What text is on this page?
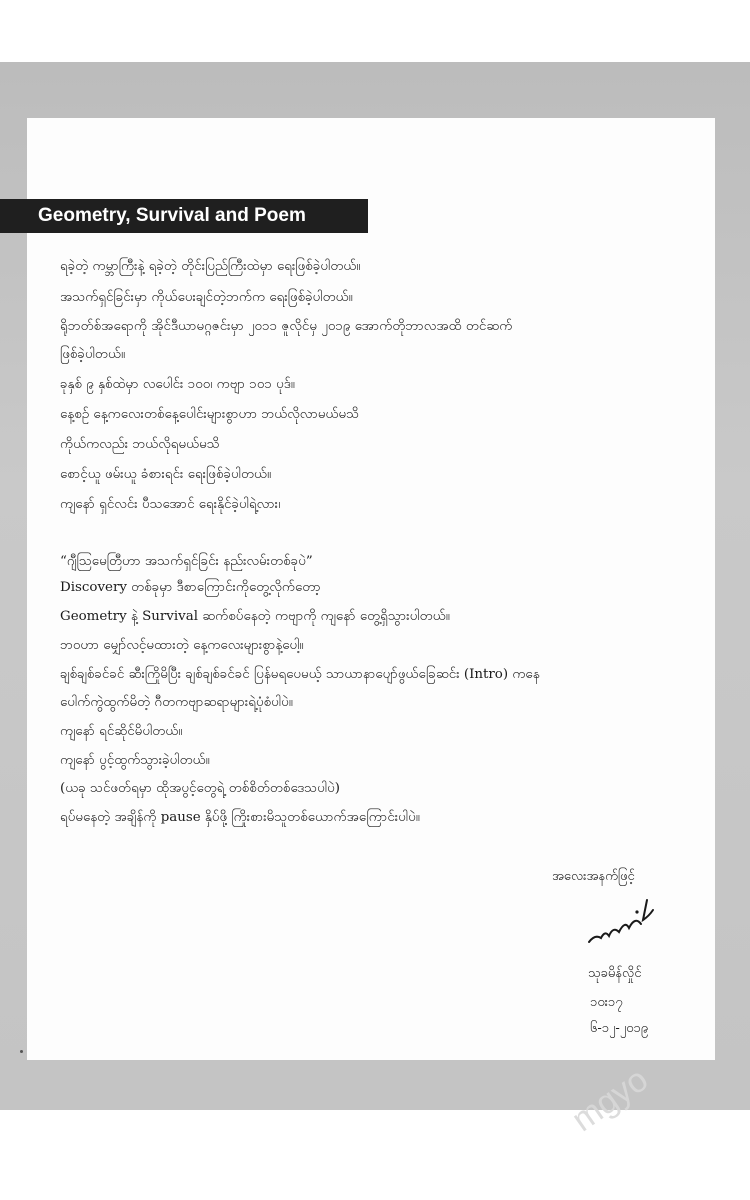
Geometry, Survival and Poem
ရခဲ့တဲ့ ကမ္ဘာကြီးနဲ့ ရခဲ့တဲ့ တိုင်းပြည်ကြီးထဲမှာ ရေးဖြစ်ခဲ့ပါတယ်။
အသက်ရှင်ခြင်းမှာ ကိုယ်ပေးချင်တဲ့ဘက်က ရေးဖြစ်ခဲ့ပါတယ်။
ရိုဘတ်စ်အရောကို အိုင်ဒီယာမဂ္ဂဇင်းမှာ ၂၀၁၁ ဇူလိုင်မှ ၂၀၁၉ အောက်တိုဘာလအထိ တင်ဆက်
ဖြစ်ခဲ့ပါတယ်။
ခုနှစ် ၉ နှစ်ထဲမှာ လပေါင်း ၁၀၀၊ ကဗျာ ၁၀၁ ပုဒ်။
နေ့စဉ် နေ့ကလေးတစ်နေ့ပေါင်းများစွာဟာ ဘယ်လိုလာမယ်မသိ
ကိုယ်ကလည်း ဘယ်လိုရမယ်မသိ
စောင့်ယူ ဖမ်းယူ ခံစားရင်း ရေးဖြစ်ခဲ့ပါတယ်။
ကျနော် ရှင်လင်း ပီသအောင် ရေးနိုင်ခဲ့ပါရဲ့လား၊
“ဂျီသြမေတြီဟာ အသက်ရှင်ခြင်း နည်းလမ်းတစ်ခုပဲ”
Discovery တစ်ခုမှာ ဒီစာကြောင်းကိုတွေ့လိုက်တော့
Geometry နဲ့ Survival ဆက်စပ်နေတဲ့ ကဗျာကို ကျနော် တွေ့ရှိသွားပါတယ်။
ဘဝဟာ မျှော်လင့်မထားတဲ့ နေ့ကလေးများစွာနဲ့ပေါ့။
ချစ်ချစ်ခင်ခင် ဆီးကြိုမိပြီး ချစ်ချစ်ခင်ခင် ပြန်မရပေမယ့် သာယာနာပျော်ဖွယ်ခြေဆင်း (Intro) ကနေ
ပေါက်ကွဲထွက်မိတဲ့ ဂီတကဗျာဆရာများရဲ့ပုံစံပါပဲ။
ကျနော် ရင်ဆိုင်မိပါတယ်။
ကျနော် ပွင့်ထွက်သွားခဲ့ပါတယ်။
(ယခု သင်ဖတ်ရမှာ ထိုအပွင့်တွေရဲ့ တစ်စိတ်တစ်ဒေသပါပဲ)
ရပ်မနေတဲ့ အချိန်ကို pause နှိပ်ဖို့ ကြိုးစားမိသူတစ်ယောက်အကြောင်းပါပဲ။
အလေးအနက်ဖြင့်
သုခမိန်လှိုင်
၁၀း၁၇
၆-၁၂-၂၀၁၉
mgyo
